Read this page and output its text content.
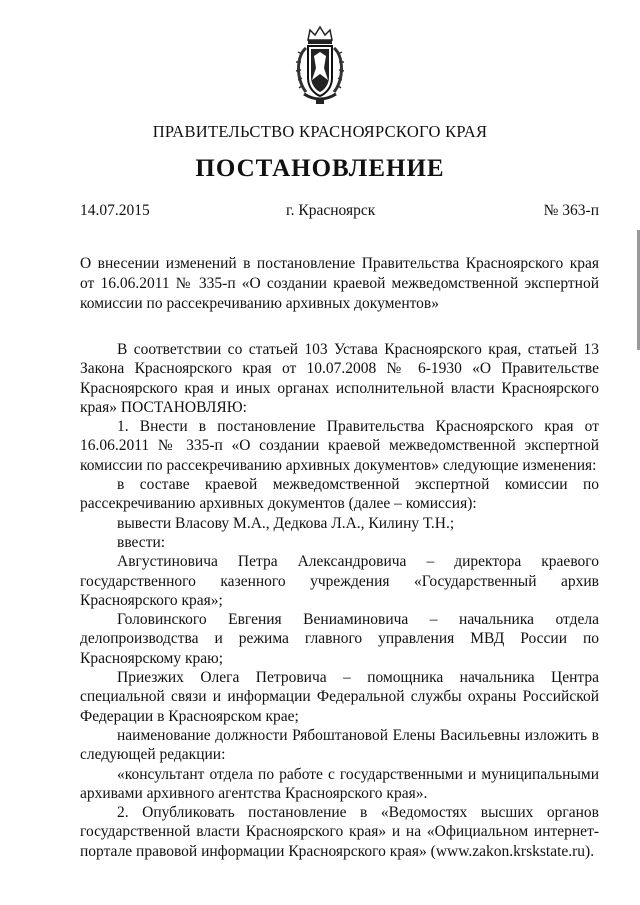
ПРАВИТЕЛЬСТВО КРАСНОЯРСКОГО КРАЯ
ПОСТАНОВЛЕНИЕ
14.07.2015	г. Красноярск	№ 363-п
О внесении изменений в постановление Правительства Красноярского края от 16.06.2011 № 335-п «О создании краевой межведомственной экспертной комиссии по рассекречиванию архивных документов»

В соответствии со статьей 103 Устава Красноярского края, статьей 13 Закона Красноярского края от 10.07.2008 № 6-1930 «О Правительстве Красноярского края и иных органах исполнительной власти Красноярского края» ПОСТАНОВЛЯЮ:

1. Внести в постановление Правительства Красноярского края от 16.06.2011 № 335-п «О создании краевой межведомственной экспертной комиссии по рассекречиванию архивных документов» следующие изменения:

в составе краевой межведомственной экспертной комиссии по рассекречиванию архивных документов (далее – комиссия):

вывести Власову М.А., Дедкова Л.А., Килину Т.Н.;

ввести:

Августиновича Петра Александровича – директора краевого государственного казенного учреждения «Государственный архив Красноярского края»;

Головинского Евгения Вениаминовича – начальника отдела делопроизводства и режима главного управления МВД России по Красноярскому краю;

Приезжих Олега Петровича – помощника начальника Центра специальной связи и информации Федеральной службы охраны Российской Федерации в Красноярском крае;

наименование должности Рябоштановой Елены Васильевны изложить в следующей редакции:

«консультант отдела по работе с государственными и муниципальными архивами архивного агентства Красноярского края».

2. Опубликовать постановление в «Ведомостях высших органов государственной власти Красноярского края» и на «Официальном интернет-портале правовой информации Красноярского края» (www.zakon.krskstate.ru).
